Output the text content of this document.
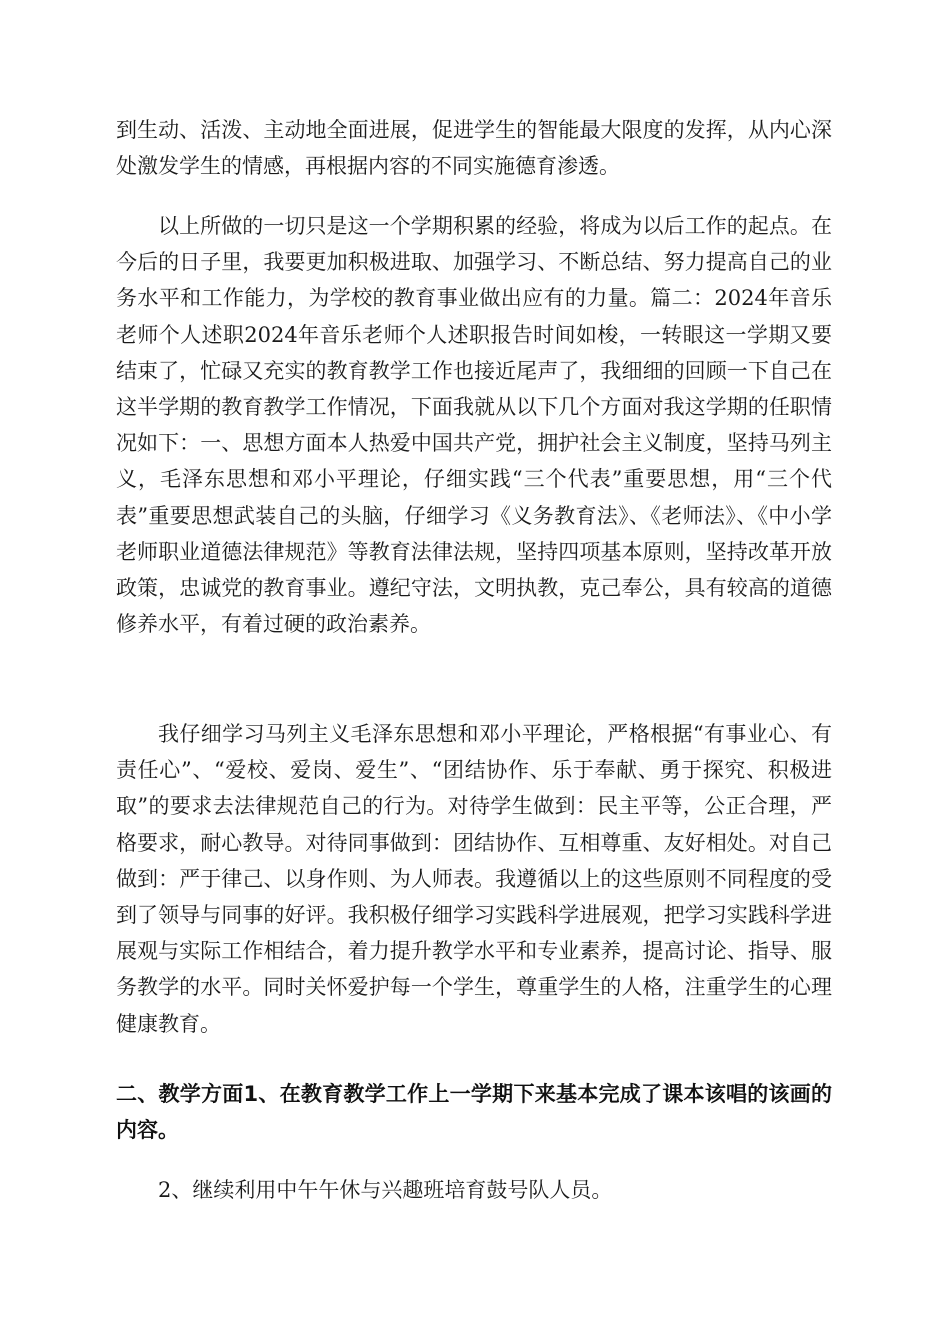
到生动、活泼、主动地全面进展，促进学生的智能最大限度的发挥，从内心深处激发学生的情感，再根据内容的不同实施德育渗透。

以上所做的一切只是这一个学期积累的经验，将成为以后工作的起点。在今后的日子里，我要更加积极进取、加强学习、不断总结、努力提高自己的业务水平和工作能力，为学校的教育事业做出应有的力量。篇二：2024年音乐老师个人述职2024年音乐老师个人述职报告时间如梭，一转眼这一学期又要结束了，忙碌又充实的教育教学工作也接近尾声了，我细细的回顾一下自己在这半学期的教育教学工作情况，下面我就从以下几个方面对我这学期的任职情况如下：一、思想方面本人热爱中国共产党，拥护社会主义制度，坚持马列主义，毛泽东思想和邓小平理论，仔细实践“三个代表”重要思想，用“三个代表”重要思想武装自己的头脑，仔细学习《义务教育法》、《老师法》、《中小学老师职业道德法律规范》等教育法律法规，坚持四项基本原则，坚持改革开放政策，忠诚党的教育事业。遵纪守法，文明执教，克己奉公，具有较高的道德修养水平，有着过硬的政治素养。

我仔细学习马列主义毛泽东思想和邓小平理论，严格根据“有事业心、有责任心”、“爱校、爱岗、爱生”、“团结协作、乐于奉献、勇于探究、积极进取”的要求去法律规范自己的行为。对待学生做到：民主平等，公正合理，严格要求，耐心教导。对待同事做到：团结协作、互相尊重、友好相处。对自己做到：严于律己、以身作则、为人师表。我遵循以上的这些原则不同程度的受到了领导与同事的好评。我积极仔细学习实践科学进展观，把学习实践科学进展观与实际工作相结合，着力提升教学水平和专业素养，提高讨论、指导、服务教学的水平。同时关怀爱护每一个学生，尊重学生的人格，注重学生的心理健康教育。

二、教学方面1、在教育教学工作上一学期下来基本完成了课本该唱的该画的内容。

2、继续利用中午午休与兴趣班培育鼓号队人员。
